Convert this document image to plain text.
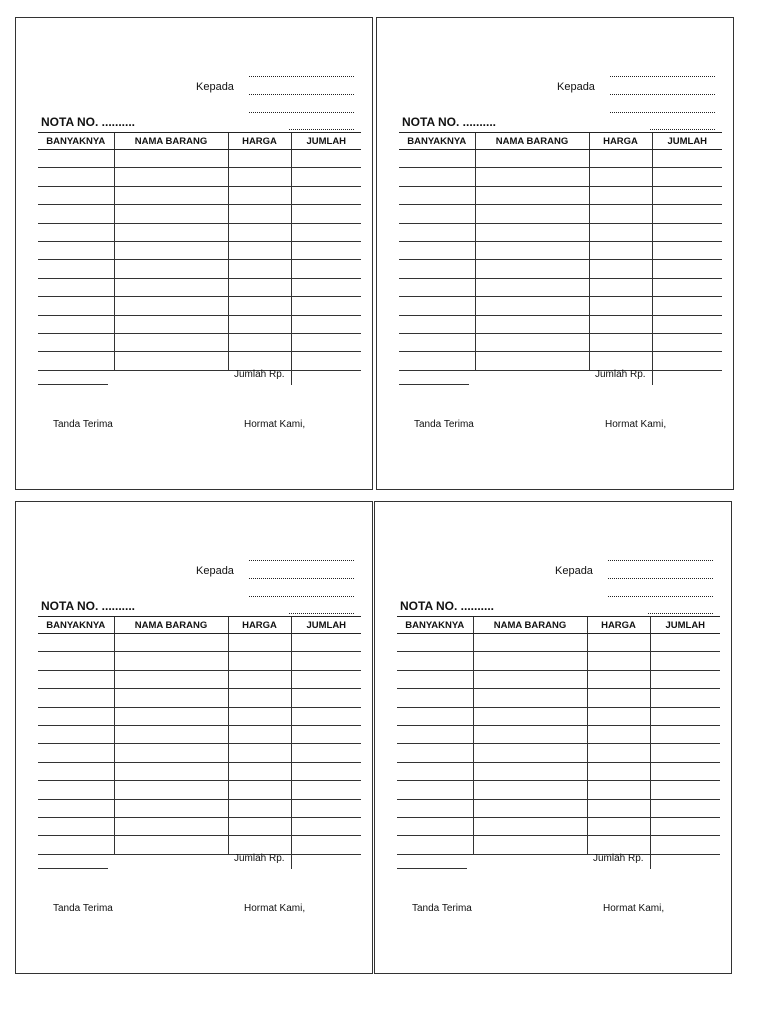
Kepada
NOTA NO. ..........
BANYAKNYA	NAMA BARANG	HARGA	JUMLAH

Jumlah Rp.
Tanda Terima	Hormat Kami,
Kepada
NOTA NO. ..........
BANYAKNYA	NAMA BARANG	HARGA	JUMLAH

Jumlah Rp.
Tanda Terima	Hormat Kami,
Kepada
NOTA NO. ..........
BANYAKNYA	NAMA BARANG	HARGA	JUMLAH

Jumlah Rp.
Tanda Terima	Hormat Kami,
Kepada
NOTA NO. ..........
BANYAKNYA	NAMA BARANG	HARGA	JUMLAH

Jumlah Rp.
Tanda Terima	Hormat Kami,
